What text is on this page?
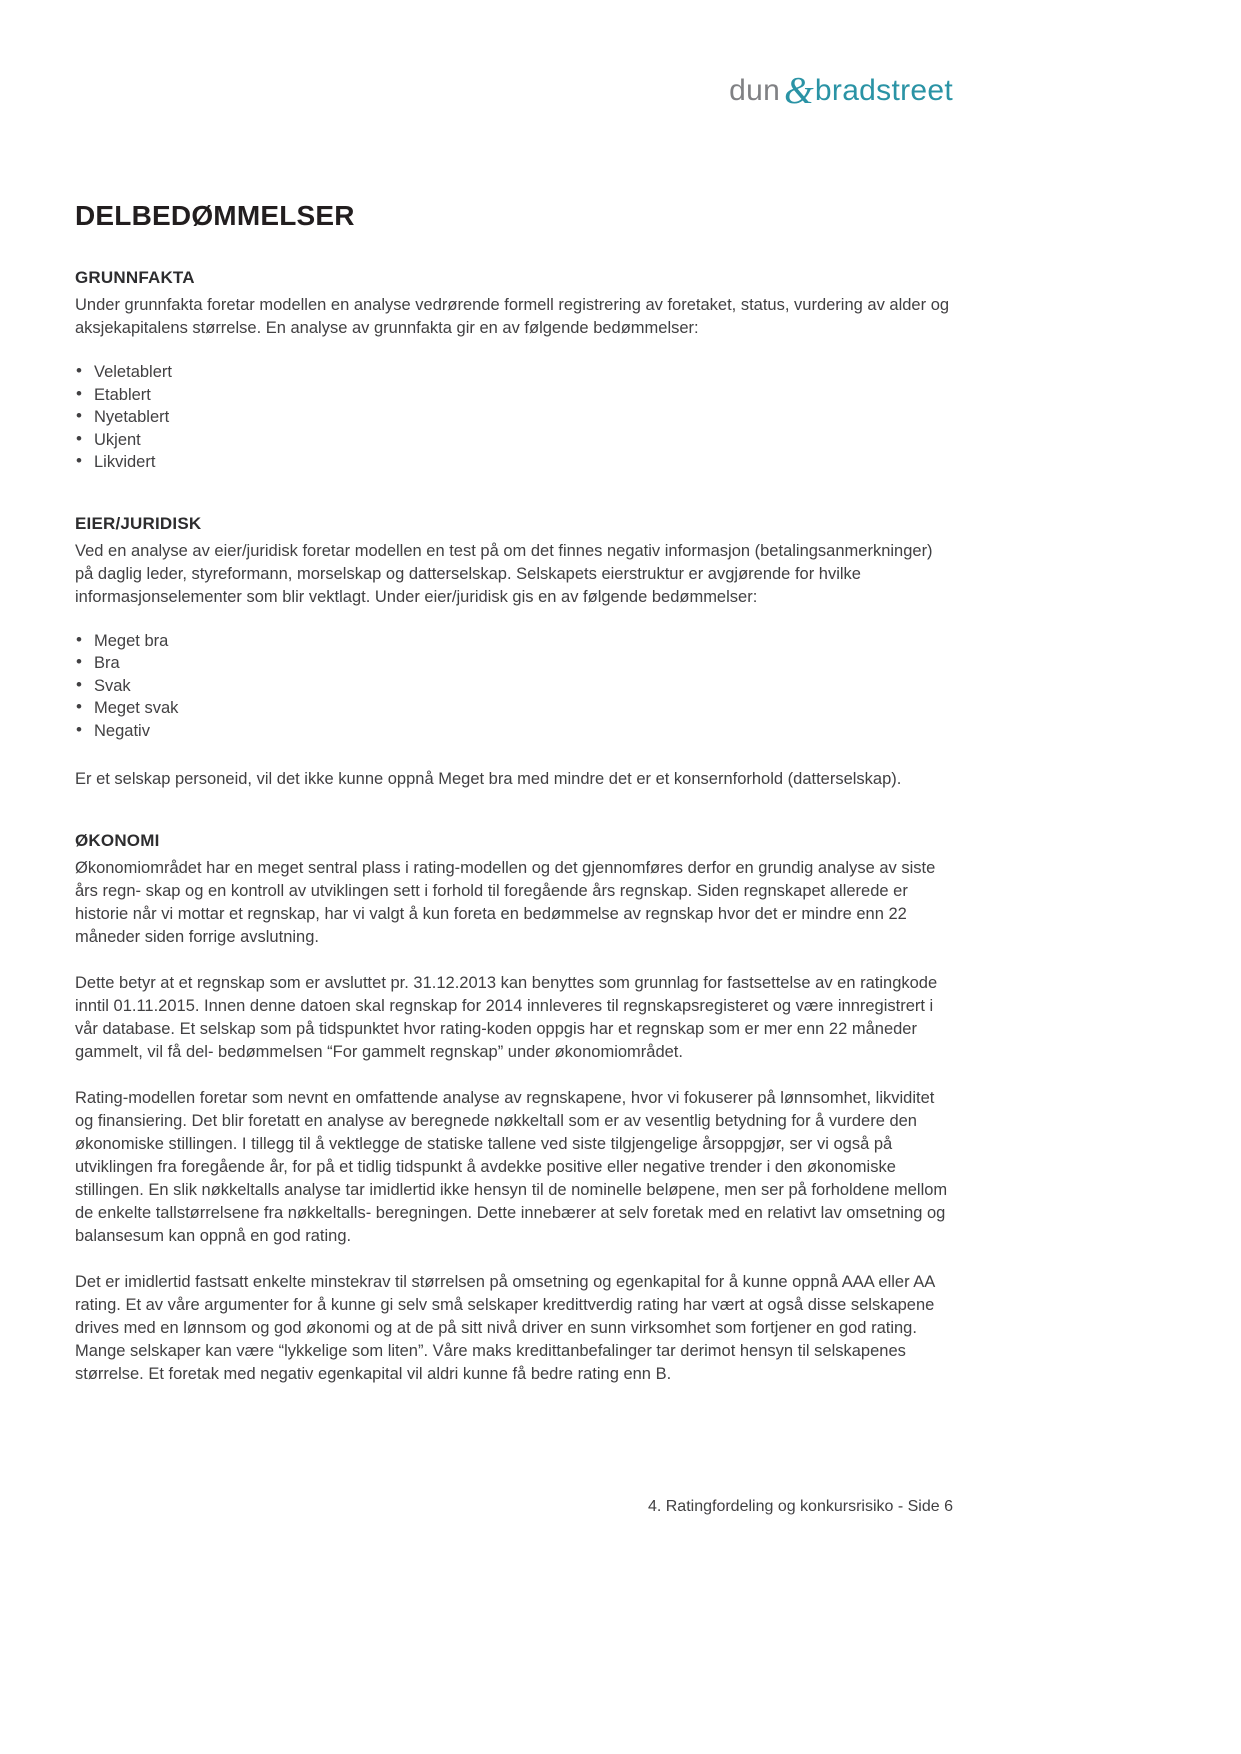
dun &bradstreet
DELBEDØMMELSER
GRUNNFAKTA

Under grunnfakta foretar modellen en analyse vedrørende formell registrering av foretaket, status, vurdering av alder og aksjekapitalens størrelse. En analyse av grunnfakta gir en av følgende bedømmelser:

• Veletablert
• Etablert
• Nyetablert
• Ukjent
• Likvidert
EIER/JURIDISK

Ved en analyse av eier/juridisk foretar modellen en test på om det finnes negativ informasjon (betalingsanmerkninger) på daglig leder, styreformann, morselskap og datterselskap. Selskapets eierstruktur er avgjørende for hvilke informasjonselementer som blir vektlagt. Under eier/juridisk gis en av følgende bedømmelser:

• Meget bra
• Bra
• Svak
• Meget svak
• Negativ

Er et selskap personeid, vil det ikke kunne oppnå Meget bra med mindre det er et konsernforhold (datterselskap).

ØKONOMI

Økonomiområdet har en meget sentral plass i rating-modellen og det gjennomføres derfor en grundig analyse av siste års regn- skap og en kontroll av utviklingen sett i forhold til foregående års regnskap. Siden regnskapet allerede er historie når vi mottar et regnskap, har vi valgt å kun foreta en bedømmelse av regnskap hvor det er mindre enn 22 måneder siden forrige avslutning.

Dette betyr at et regnskap som er avsluttet pr. 31.12.2013 kan benyttes som grunnlag for fastsettelse av en ratingkode inntil 01.11.2015. Innen denne datoen skal regnskap for 2014 innleveres til regnskapsregisteret og være innregistrert i vår database. Et selskap som på tidspunktet hvor rating-koden oppgis har et regnskap som er mer enn 22 måneder gammelt, vil få del- bedømmelsen “For gammelt regnskap” under økonomiområdet.

Rating-modellen foretar som nevnt en omfattende analyse av regnskapene, hvor vi fokuserer på lønnsomhet, likviditet og finansiering. Det blir foretatt en analyse av beregnede nøkkeltall som er av vesentlig betydning for å vurdere den økonomiske stillingen. I tillegg til å vektlegge de statiske tallene ved siste tilgjengelige årsoppgjør, ser vi også på utviklingen fra foregående år, for på et tidlig tidspunkt å avdekke positive eller negative trender i den økonomiske stillingen. En slik nøkkeltalls analyse tar imidlertid ikke hensyn til de nominelle beløpene, men ser på forholdene mellom de enkelte tallstørrelsene fra nøkkeltalls- beregningen. Dette innebærer at selv foretak med en relativt lav omsetning og balansesum kan oppnå en god rating.

Det er imidlertid fastsatt enkelte minstekrav til størrelsen på omsetning og egenkapital for å kunne oppnå AAA eller AA rating. Et av våre argumenter for å kunne gi selv små selskaper kredittverdig rating har vært at også disse selskapene drives med en lønnsom og god økonomi og at de på sitt nivå driver en sunn virksomhet som fortjener en god rating. Mange selskaper kan være “lykkelige som liten”. Våre maks kredittanbefalinger tar derimot hensyn til selskapenes størrelse. Et foretak med negativ egenkapital vil aldri kunne få bedre rating enn B.

4. Ratingfordeling og konkursrisiko - Side 6
